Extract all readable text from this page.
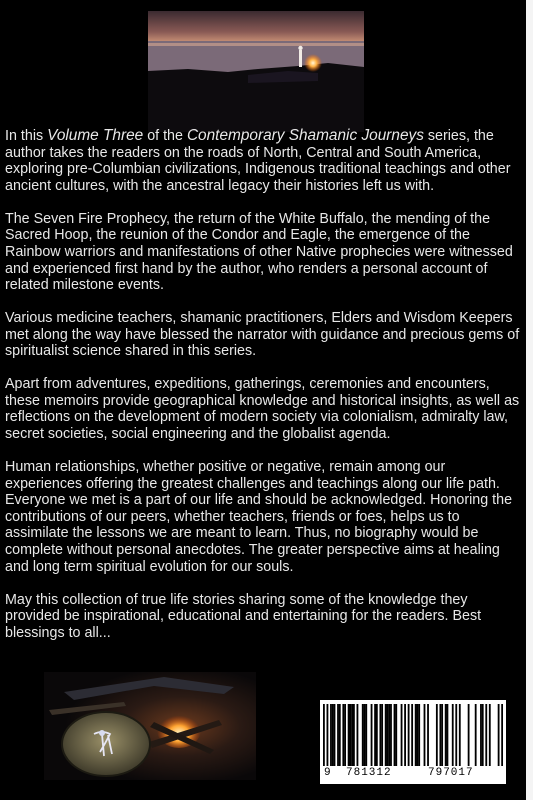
In this Volume Three of the Contemporary Shamanic Journeys series, the author takes the readers on the roads of North, Central and South America, exploring pre-Columbian civilizations, Indigenous traditional teachings and other ancient cultures, with the ancestral legacy their histories left us with.

The Seven Fire Prophecy, the return of the White Buffalo, the mending of the Sacred Hoop, the reunion of the Condor and Eagle, the emergence of the Rainbow warriors and manifestations of other Native prophecies were witnessed and experienced first hand by the author, who renders a personal account of related milestone events.

Various medicine teachers, shamanic practitioners, Elders and Wisdom Keepers met along the way have blessed the narrator with guidance and precious gems of spiritualist science shared in this series.

Apart from adventures, expeditions, gatherings, ceremonies and encounters, these memoirs provide geographical knowledge and historical insights, as well as reflections on the development of modern society via colonialism, admiralty law, secret societies, social engineering and the globalist agenda.

Human relationships, whether positive or negative, remain among our experiences offering the greatest challenges and teachings along our life path. Everyone we met is a part of our life and should be acknowledged. Honoring the contributions of our peers, whether teachers, friends or foes, helps us to assimilate the lessons we are meant to learn. Thus, no biography would be complete without personal anecdotes. The greater perspective aims at healing and long term spiritual evolution for our souls.

May this collection of true life stories sharing some of the knowledge they provided be inspirational, educational and entertaining for the readers. Best blessings to all...

9 781312	797017
